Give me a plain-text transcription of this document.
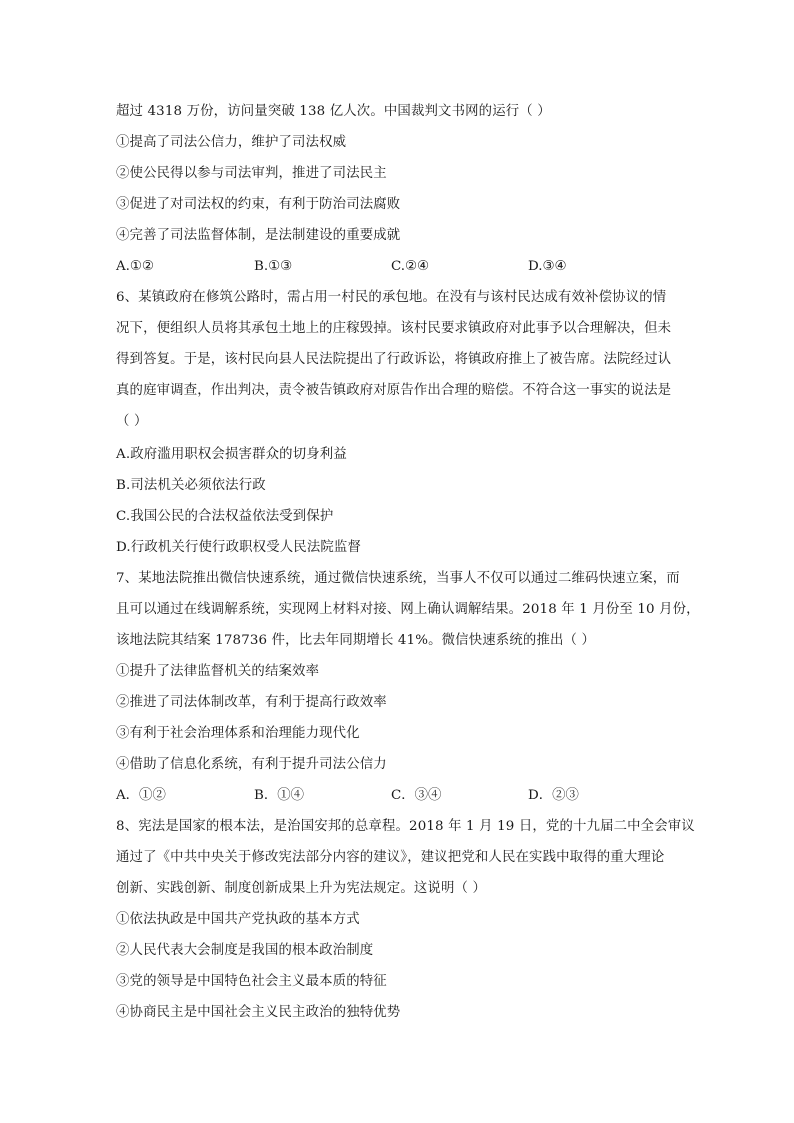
超过 4318 万份，访问量突破 138 亿人次。中国裁判文书网的运行（ ）
①提高了司法公信力，维护了司法权威
②使公民得以参与司法审判，推进了司法民主
③促进了对司法权的约束，有利于防治司法腐败
④完善了司法监督体制，是法制建设的重要成就
A.①②	B.①③	C.②④	D.③④
6、某镇政府在修筑公路时，需占用一村民的承包地。在没有与该村民达成有效补偿协议的情
况下，便组织人员将其承包土地上的庄稼毁掉。该村民要求镇政府对此事予以合理解决，但未
得到答复。于是，该村民向县人民法院提出了行政诉讼，将镇政府推上了被告席。法院经过认
真的庭审调查，作出判决，责令被告镇政府对原告作出合理的赔偿。不符合这一事实的说法是
（ ）
A.政府滥用职权会损害群众的切身利益
B.司法机关必须依法行政
C.我国公民的合法权益依法受到保护
D.行政机关行使行政职权受人民法院监督
7、某地法院推出微信快速系统，通过微信快速系统，当事人不仅可以通过二维码快速立案，而
且可以通过在线调解系统，实现网上材料对接、网上确认调解结果。2018 年 1 月份至 10 月份，
该地法院其结案 178736 件，比去年同期增长 41%。微信快速系统的推出（ ）
①提升了法律监督机关的结案效率
②推进了司法体制改革，有利于提高行政效率
③有利于社会治理体系和治理能力现代化
④借助了信息化系统，有利于提升司法公信力
A．①②	B．①④	C．③④	D．②③
8、宪法是国家的根本法，是治国安邦的总章程。2018 年 1 月 19 日，党的十九届二中全会审议
通过了《中共中央关于修改宪法部分内容的建议》，建议把党和人民在实践中取得的重大理论
创新、实践创新、制度创新成果上升为宪法规定。这说明（ ）
①依法执政是中国共产党执政的基本方式
②人民代表大会制度是我国的根本政治制度
③党的领导是中国特色社会主义最本质的特征
④协商民主是中国社会主义民主政治的独特优势
